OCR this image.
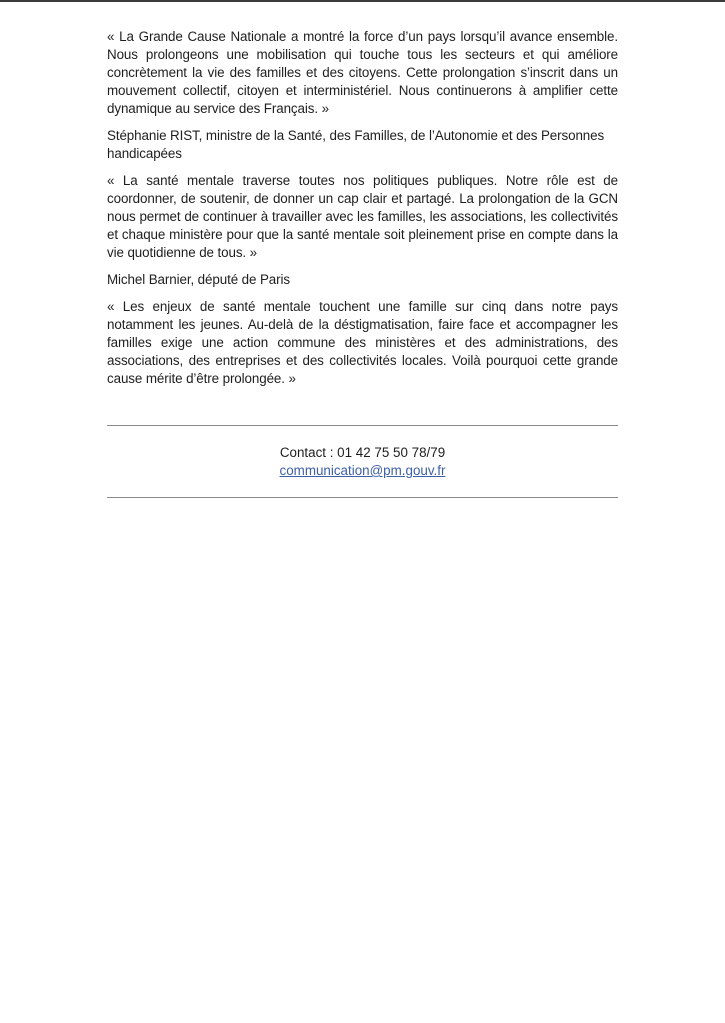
« La Grande Cause Nationale a montré la force d’un pays lorsqu’il avance ensemble. Nous prolongeons une mobilisation qui touche tous les secteurs et qui améliore concrètement la vie des familles et des citoyens. Cette prolongation s’inscrit dans un mouvement collectif, citoyen et interministériel. Nous continuerons à amplifier cette dynamique au service des Français. »

Stéphanie RIST, ministre de la Santé, des Familles, de l’Autonomie et des Personnes handicapées

« La santé mentale traverse toutes nos politiques publiques. Notre rôle est de coordonner, de soutenir, de donner un cap clair et partagé. La prolongation de la GCN nous permet de continuer à travailler avec les familles, les associations, les collectivités et chaque ministère pour que la santé mentale soit pleinement prise en compte dans la vie quotidienne de tous. »

Michel Barnier, député de Paris

« Les enjeux de santé mentale touchent une famille sur cinq dans notre pays notamment les jeunes. Au-delà de la déstigmatisation, faire face et accompagner les familles exige une action commune des ministères et des administrations, des associations, des entreprises et des collectivités locales. Voilà pourquoi cette grande cause mérite d’être prolongée. »

Contact : 01 42 75 50 78/79
communication@pm.gouv.fr
